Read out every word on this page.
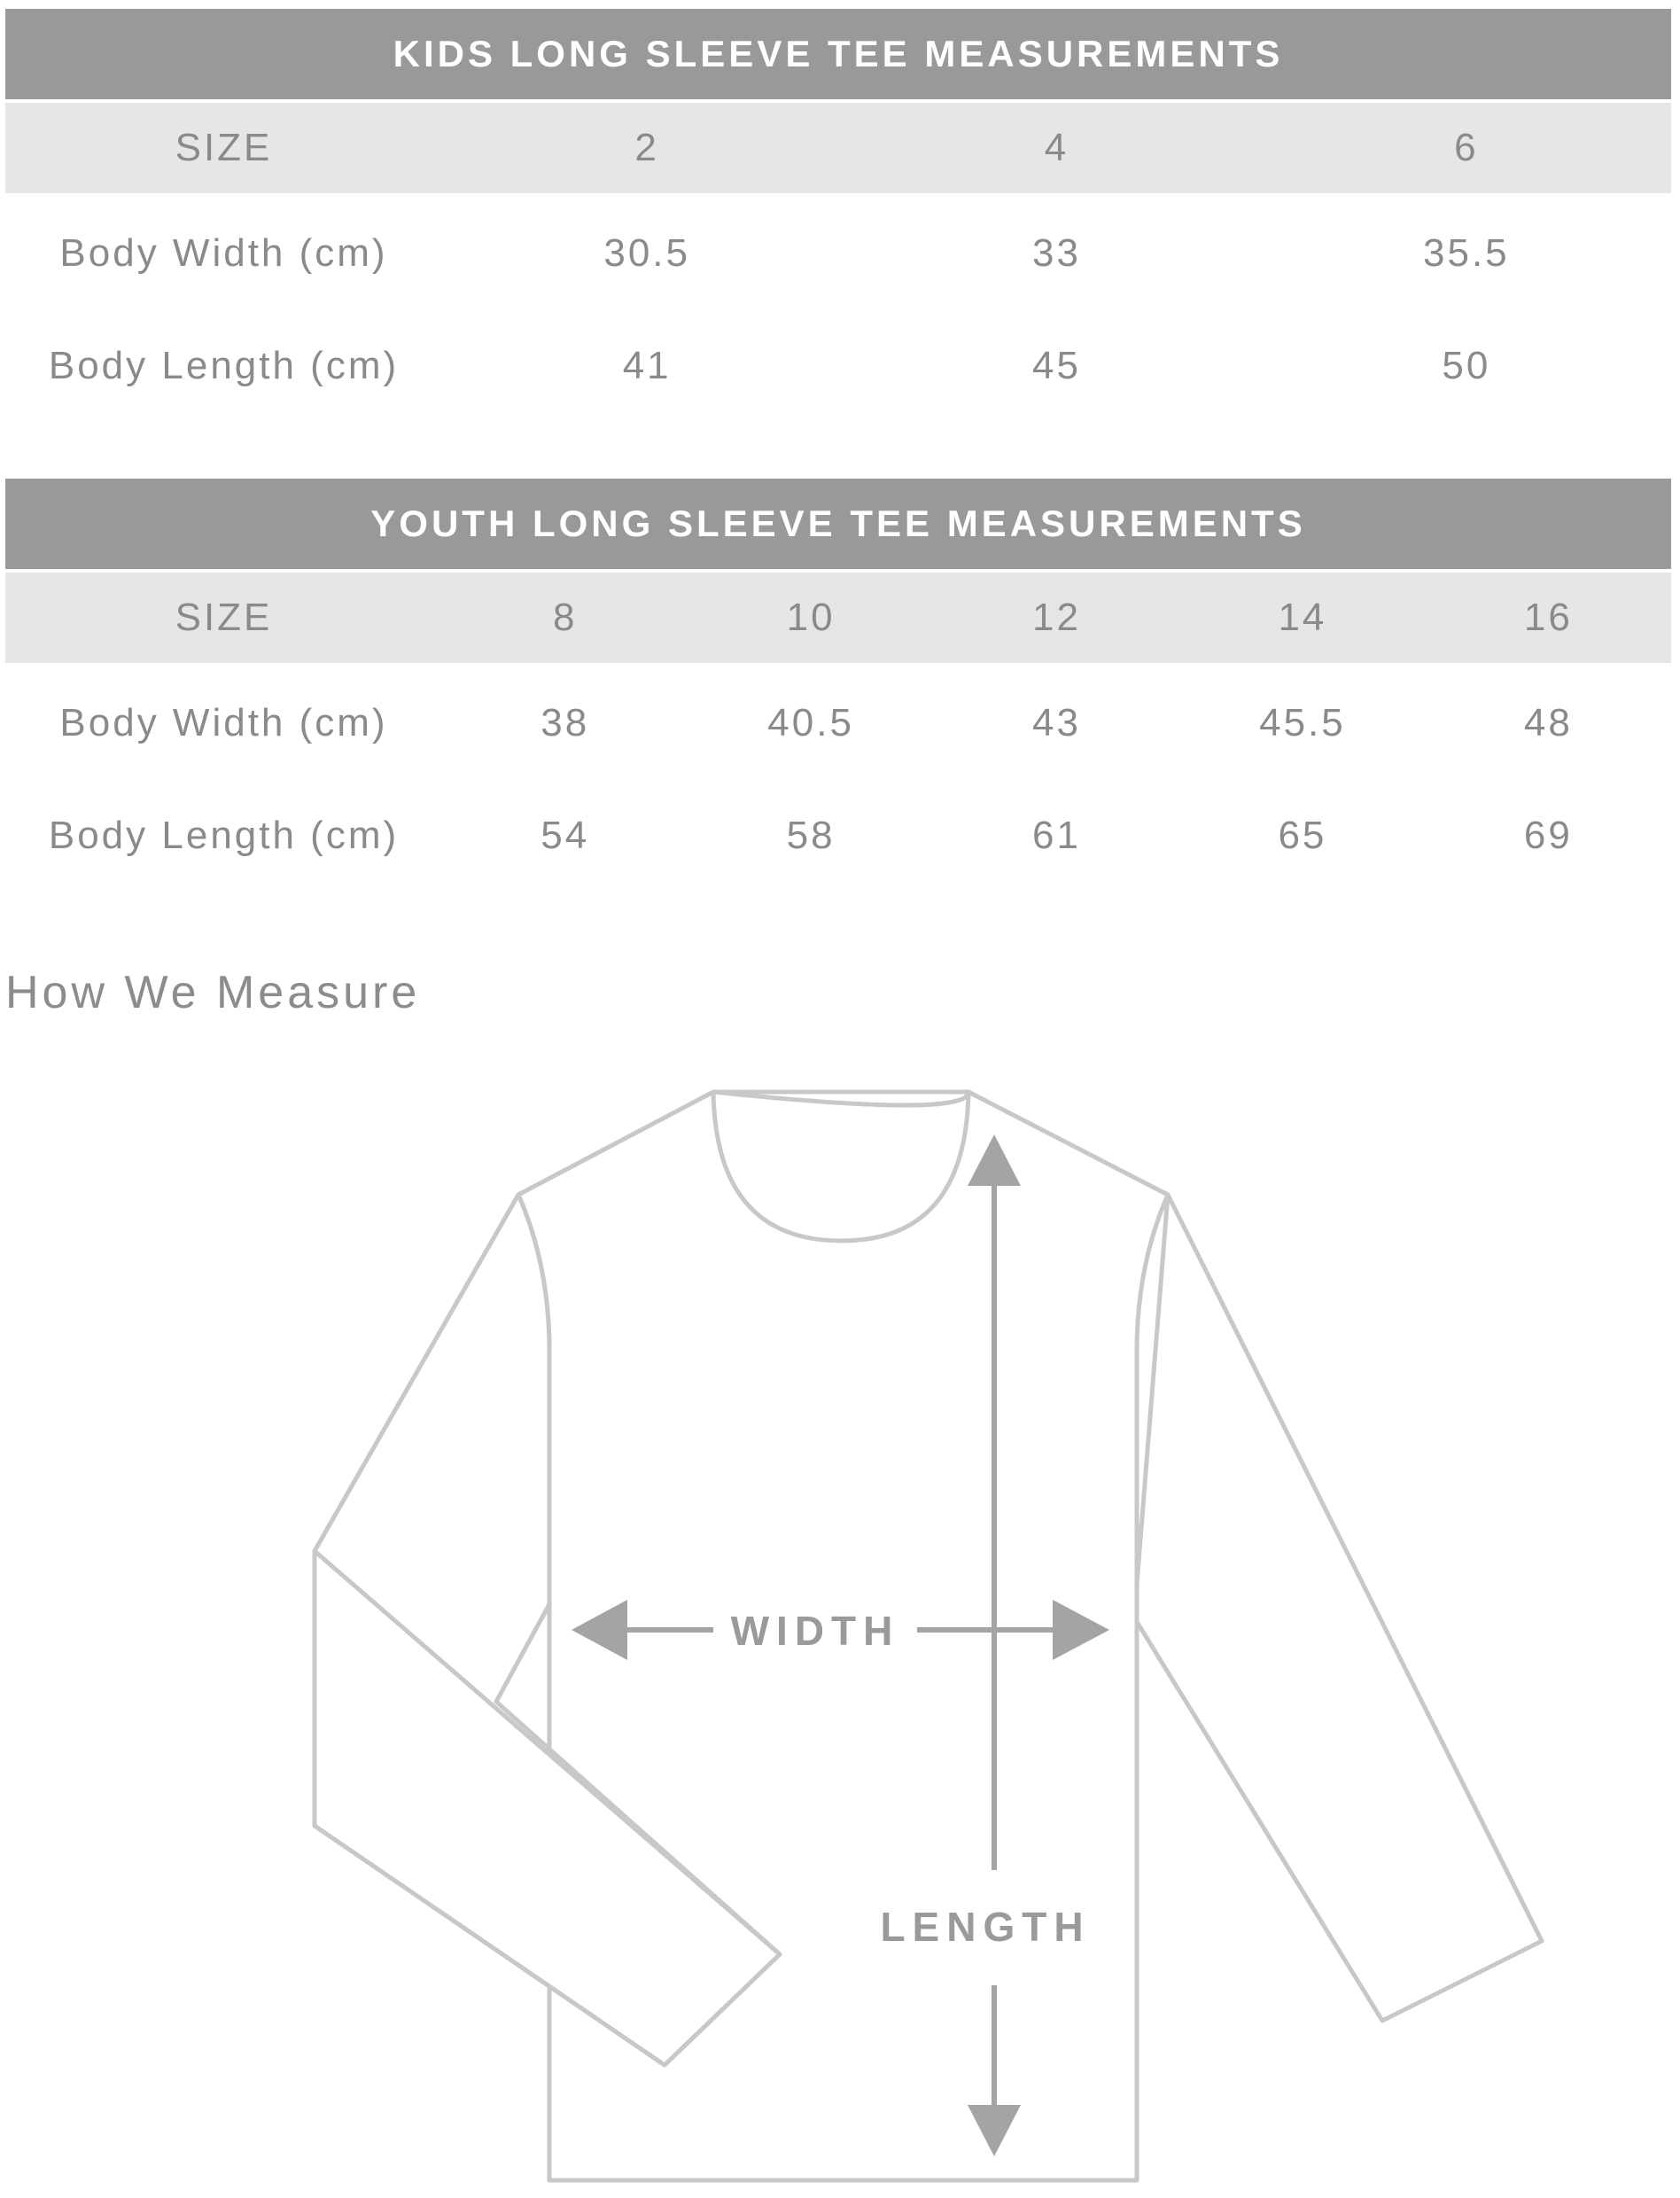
KIDS LONG SLEEVE TEE MEASUREMENTS
SIZE	2	4	6
Body Width (cm)	30.5	33	35.5
Body Length (cm)	41	45	50
YOUTH LONG SLEEVE TEE MEASUREMENTS
SIZE	8	10	12	14	16
Body Width (cm)	38	40.5	43	45.5	48
Body Length (cm)	54	58	61	65	69
How We Measure
WIDTH
LENGTH
